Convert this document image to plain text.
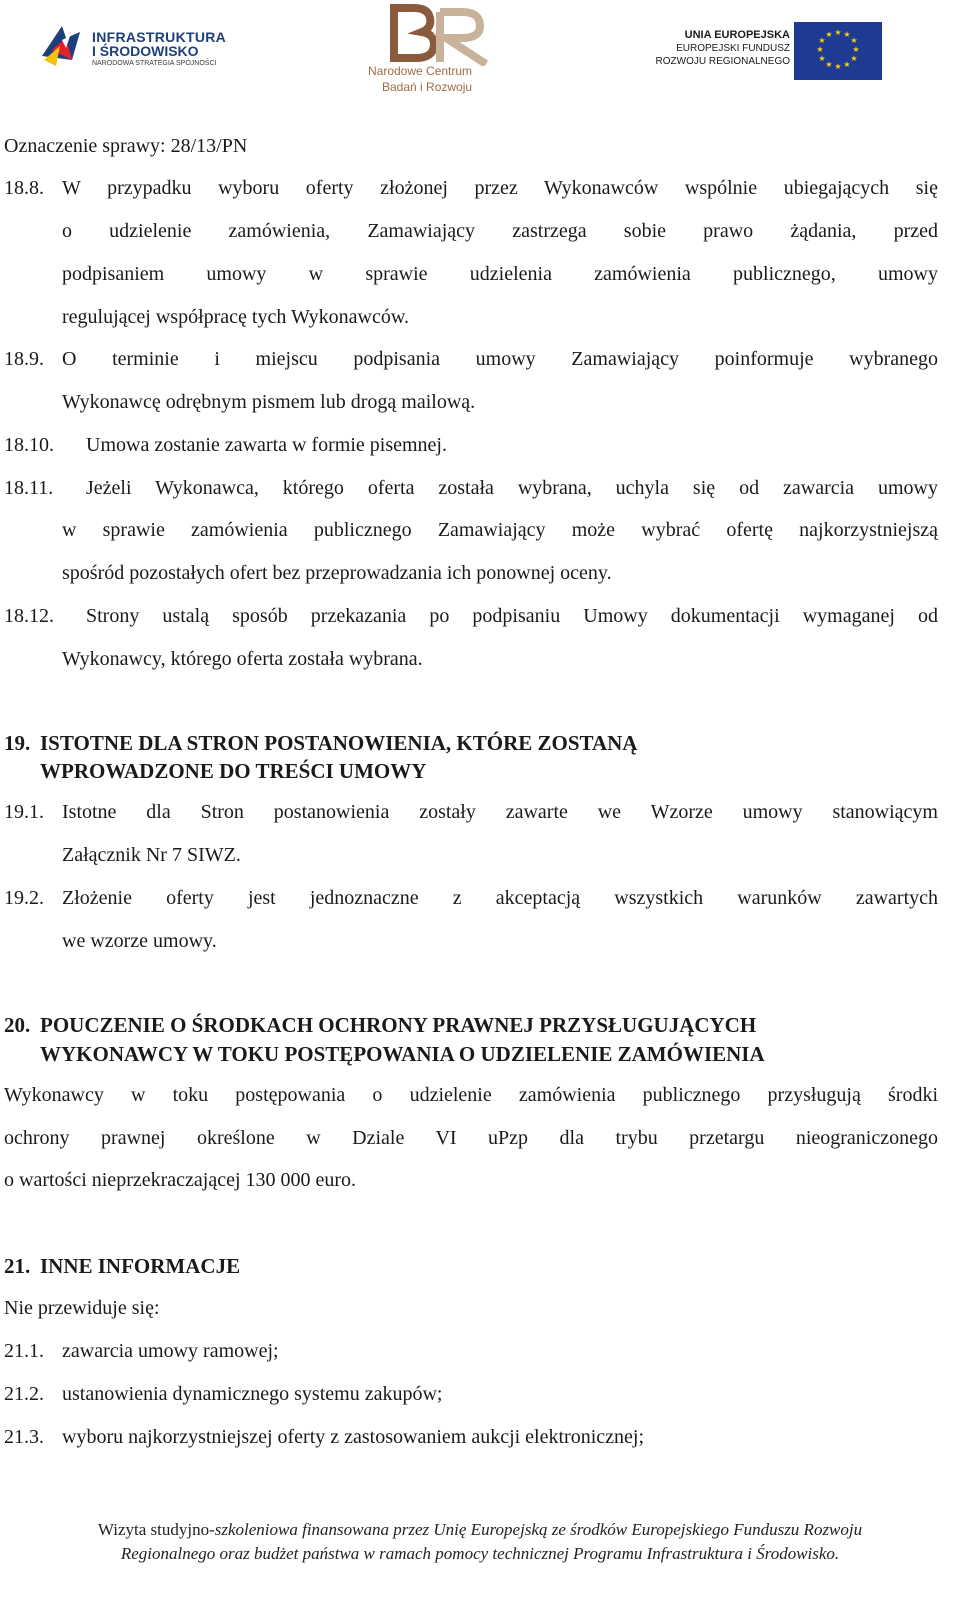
INFRASTRUKTURA
I ŚRODOWISKO
NARODOWA STRATEGIA SPÓJNOŚCI
Narodowe Centrum
Badań i Rozwoju
UNIA EUROPEJSKA
EUROPEJSKI FUNDUSZ
ROZWOJU REGIONALNEGO
★ ★
★
★
★
★
★
★
★
★
★
★
Oznaczenie sprawy: 28/13/PN
18.8. W przypadku wyboru oferty złożonej przez Wykonawców wspólnie ubiegających się
o udzielenie zamówienia, Zamawiający zastrzega sobie prawo żądania, przed
podpisaniem umowy w sprawie udzielenia zamówienia publicznego, umowy
regulującej współpracę tych Wykonawców.
18.9. O terminie i miejscu podpisania umowy Zamawiający poinformuje wybranego
Wykonawcę odrębnym pismem lub drogą mailową.
18.10. Umowa zostanie zawarta w formie pisemnej.
18.11. Jeżeli Wykonawca, którego oferta została wybrana, uchyla się od zawarcia umowy
w sprawie zamówienia publicznego Zamawiający może wybrać ofertę najkorzystniejszą
spośród pozostałych ofert bez przeprowadzania ich ponownej oceny.
18.12. Strony ustalą sposób przekazania po podpisaniu Umowy dokumentacji wymaganej od
Wykonawcy, którego oferta została wybrana.
19. ISTOTNE DLA STRON POSTANOWIENIA, KTÓRE ZOSTANĄ
WPROWADZONE DO TREŚCI UMOWY
19.1. Istotne dla Stron postanowienia zostały zawarte we Wzorze umowy stanowiącym
Załącznik Nr 7 SIWZ.
19.2. Złożenie oferty jest jednoznaczne z akceptacją wszystkich warunków zawartych
we wzorze umowy.
20. POUCZENIE O ŚRODKACH OCHRONY PRAWNEJ PRZYSŁUGUJĄCYCH
WYKONAWCY W TOKU POSTĘPOWANIA O UDZIELENIE ZAMÓWIENIA
Wykonawcy w toku postępowania o udzielenie zamówienia publicznego przysługują środki
ochrony prawnej określone w Dziale VI uPzp dla trybu przetargu nieograniczonego
o wartości nieprzekraczającej 130 000 euro.
21. INNE INFORMACJE
Nie przewiduje się:
21.1. zawarcia umowy ramowej;
21.2. ustanowienia dynamicznego systemu zakupów;
21.3. wyboru najkorzystniejszej oferty z zastosowaniem aukcji elektronicznej;
Wizyta studyjno-szkoleniowa finansowana przez Unię Europejską ze środków Europejskiego Funduszu Rozwoju
Regionalnego oraz budżet państwa w ramach pomocy technicznej Programu Infrastruktura i Środowisko.
